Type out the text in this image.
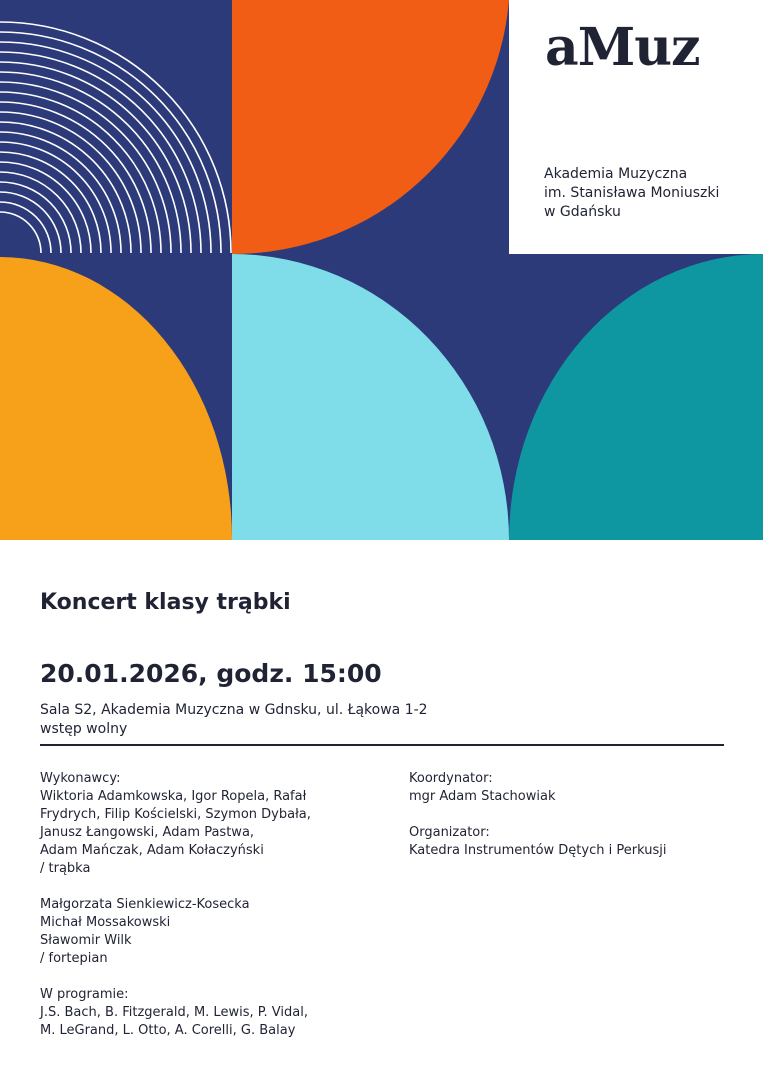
aMuz
Akademia Muzyczna
im. Stanisława Moniuszki
w Gdańsku
Koncert klasy trąbki
20.01.2026, godz. 15:00
Sala S2, Akademia Muzyczna w Gdnsku, ul. Łąkowa 1-2
wstęp wolny
Wykonawcy:
Wiktoria Adamkowska, Igor Ropela, Rafał
Frydrych, Filip Kościelski, Szymon Dybała,
Janusz Łangowski, Adam Pastwa,
Adam Mańczak, Adam Kołaczyński
/ trąbka
Małgorzata Sienkiewicz-Kosecka
Michał Mossakowski
Sławomir Wilk
/ fortepian
W programie:
J.S. Bach, B. Fitzgerald, M. Lewis, P. Vidal,
M. LeGrand, L. Otto, A. Corelli, G. Balay
Koordynator:
mgr Adam Stachowiak
Organizator:
Katedra Instrumentów Dętych i Perkusji
